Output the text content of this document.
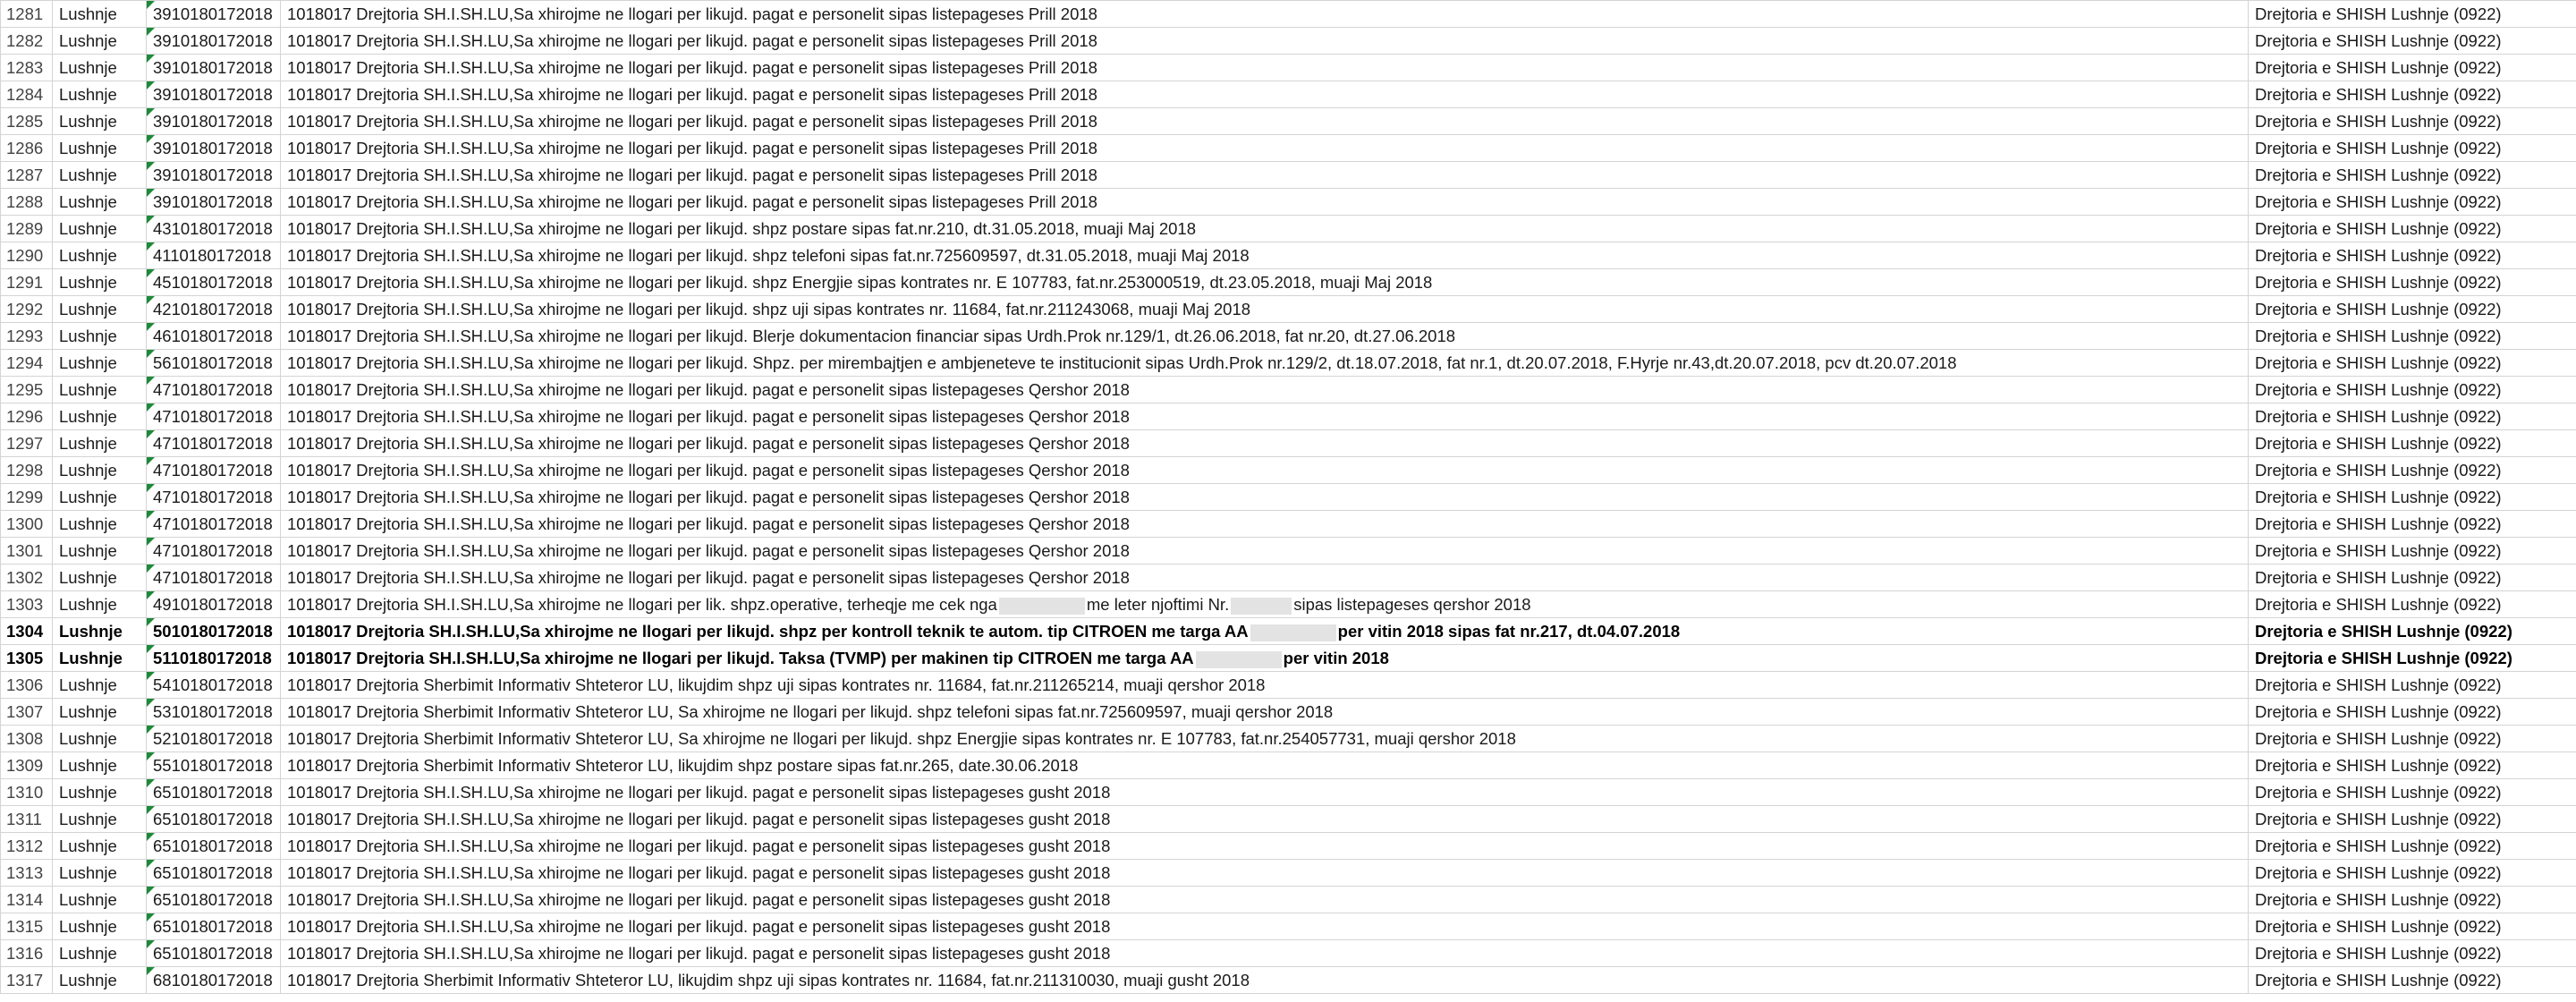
1281	Lushnje	3910180172018	1018017 Drejtoria SH.I.SH.LU,Sa xhirojme ne llogari per likujd. pagat e personelit sipas listepageses Prill 2018	Drejtoria e SHISH Lushnje (0922)
1282	Lushnje	3910180172018	1018017 Drejtoria SH.I.SH.LU,Sa xhirojme ne llogari per likujd. pagat e personelit sipas listepageses Prill 2018	Drejtoria e SHISH Lushnje (0922)
1283	Lushnje	3910180172018	1018017 Drejtoria SH.I.SH.LU,Sa xhirojme ne llogari per likujd. pagat e personelit sipas listepageses Prill 2018	Drejtoria e SHISH Lushnje (0922)
1284	Lushnje	3910180172018	1018017 Drejtoria SH.I.SH.LU,Sa xhirojme ne llogari per likujd. pagat e personelit sipas listepageses Prill 2018	Drejtoria e SHISH Lushnje (0922)
1285	Lushnje	3910180172018	1018017 Drejtoria SH.I.SH.LU,Sa xhirojme ne llogari per likujd. pagat e personelit sipas listepageses Prill 2018	Drejtoria e SHISH Lushnje (0922)
1286	Lushnje	3910180172018	1018017 Drejtoria SH.I.SH.LU,Sa xhirojme ne llogari per likujd. pagat e personelit sipas listepageses Prill 2018	Drejtoria e SHISH Lushnje (0922)
1287	Lushnje	3910180172018	1018017 Drejtoria SH.I.SH.LU,Sa xhirojme ne llogari per likujd. pagat e personelit sipas listepageses Prill 2018	Drejtoria e SHISH Lushnje (0922)
1288	Lushnje	3910180172018	1018017 Drejtoria SH.I.SH.LU,Sa xhirojme ne llogari per likujd. pagat e personelit sipas listepageses Prill 2018	Drejtoria e SHISH Lushnje (0922)
1289	Lushnje	4310180172018	1018017 Drejtoria SH.I.SH.LU,Sa xhirojme ne llogari per likujd. shpz postare sipas fat.nr.210, dt.31.05.2018, muaji Maj 2018	Drejtoria e SHISH Lushnje (0922)
1290	Lushnje	4110180172018	1018017 Drejtoria SH.I.SH.LU,Sa xhirojme ne llogari per likujd. shpz telefoni sipas fat.nr.725609597, dt.31.05.2018, muaji Maj 2018	Drejtoria e SHISH Lushnje (0922)
1291	Lushnje	4510180172018	1018017 Drejtoria SH.I.SH.LU,Sa xhirojme ne llogari per likujd. shpz Energjie sipas kontrates nr. E 107783, fat.nr.253000519, dt.23.05.2018, muaji Maj 2018	Drejtoria e SHISH Lushnje (0922)
1292	Lushnje	4210180172018	1018017 Drejtoria SH.I.SH.LU,Sa xhirojme ne llogari per likujd. shpz uji sipas kontrates nr. 11684, fat.nr.211243068, muaji Maj 2018	Drejtoria e SHISH Lushnje (0922)
1293	Lushnje	4610180172018	1018017 Drejtoria SH.I.SH.LU,Sa xhirojme ne llogari per likujd. Blerje dokumentacion financiar sipas Urdh.Prok nr.129/1, dt.26.06.2018, fat nr.20, dt.27.06.2018	Drejtoria e SHISH Lushnje (0922)
1294	Lushnje	5610180172018	1018017 Drejtoria SH.I.SH.LU,Sa xhirojme ne llogari per likujd. Shpz. per mirembajtjen e ambjeneteve te institucionit sipas Urdh.Prok nr.129/2, dt.18.07.2018, fat nr.1, dt.20.07.2018, F.Hyrje nr.43,dt.20.07.2018, pcv dt.20.07.2018	Drejtoria e SHISH Lushnje (0922)
1295	Lushnje	4710180172018	1018017 Drejtoria SH.I.SH.LU,Sa xhirojme ne llogari per likujd. pagat e personelit sipas listepageses Qershor 2018	Drejtoria e SHISH Lushnje (0922)
1296	Lushnje	4710180172018	1018017 Drejtoria SH.I.SH.LU,Sa xhirojme ne llogari per likujd. pagat e personelit sipas listepageses Qershor 2018	Drejtoria e SHISH Lushnje (0922)
1297	Lushnje	4710180172018	1018017 Drejtoria SH.I.SH.LU,Sa xhirojme ne llogari per likujd. pagat e personelit sipas listepageses Qershor 2018	Drejtoria e SHISH Lushnje (0922)
1298	Lushnje	4710180172018	1018017 Drejtoria SH.I.SH.LU,Sa xhirojme ne llogari per likujd. pagat e personelit sipas listepageses Qershor 2018	Drejtoria e SHISH Lushnje (0922)
1299	Lushnje	4710180172018	1018017 Drejtoria SH.I.SH.LU,Sa xhirojme ne llogari per likujd. pagat e personelit sipas listepageses Qershor 2018	Drejtoria e SHISH Lushnje (0922)
1300	Lushnje	4710180172018	1018017 Drejtoria SH.I.SH.LU,Sa xhirojme ne llogari per likujd. pagat e personelit sipas listepageses Qershor 2018	Drejtoria e SHISH Lushnje (0922)
1301	Lushnje	4710180172018	1018017 Drejtoria SH.I.SH.LU,Sa xhirojme ne llogari per likujd. pagat e personelit sipas listepageses Qershor 2018	Drejtoria e SHISH Lushnje (0922)
1302	Lushnje	4710180172018	1018017 Drejtoria SH.I.SH.LU,Sa xhirojme ne llogari per likujd. pagat e personelit sipas listepageses Qershor 2018	Drejtoria e SHISH Lushnje (0922)
1303	Lushnje	4910180172018	1018017 Drejtoria SH.I.SH.LU,Sa xhirojme ne llogari per lik. shpz.operative, terheqje me cek nga me leter njoftimi Nr. sipas listepageses qershor 2018	Drejtoria e SHISH Lushnje (0922)
1304	Lushnje	5010180172018	1018017 Drejtoria SH.I.SH.LU,Sa xhirojme ne llogari per likujd. shpz per kontroll teknik te autom. tip CITROEN me targa AA per vitin 2018 sipas fat nr.217, dt.04.07.2018	Drejtoria e SHISH Lushnje (0922)
1305	Lushnje	5110180172018	1018017 Drejtoria SH.I.SH.LU,Sa xhirojme ne llogari per likujd. Taksa (TVMP) per makinen tip CITROEN me targa AA per vitin 2018	Drejtoria e SHISH Lushnje (0922)
1306	Lushnje	5410180172018	1018017 Drejtoria Sherbimit Informativ Shteteror LU, likujdim shpz uji sipas kontrates nr. 11684, fat.nr.211265214, muaji qershor 2018	Drejtoria e SHISH Lushnje (0922)
1307	Lushnje	5310180172018	1018017 Drejtoria Sherbimit Informativ Shteteror LU, Sa xhirojme ne llogari per likujd. shpz telefoni sipas fat.nr.725609597, muaji qershor 2018	Drejtoria e SHISH Lushnje (0922)
1308	Lushnje	5210180172018	1018017 Drejtoria Sherbimit Informativ Shteteror LU, Sa xhirojme ne llogari per likujd. shpz Energjie sipas kontrates nr. E 107783, fat.nr.254057731, muaji qershor 2018	Drejtoria e SHISH Lushnje (0922)
1309	Lushnje	5510180172018	1018017 Drejtoria Sherbimit Informativ Shteteror LU, likujdim shpz postare sipas fat.nr.265, date.30.06.2018	Drejtoria e SHISH Lushnje (0922)
1310	Lushnje	6510180172018	1018017 Drejtoria SH.I.SH.LU,Sa xhirojme ne llogari per likujd. pagat e personelit sipas listepageses gusht 2018	Drejtoria e SHISH Lushnje (0922)
1311	Lushnje	6510180172018	1018017 Drejtoria SH.I.SH.LU,Sa xhirojme ne llogari per likujd. pagat e personelit sipas listepageses gusht 2018	Drejtoria e SHISH Lushnje (0922)
1312	Lushnje	6510180172018	1018017 Drejtoria SH.I.SH.LU,Sa xhirojme ne llogari per likujd. pagat e personelit sipas listepageses gusht 2018	Drejtoria e SHISH Lushnje (0922)
1313	Lushnje	6510180172018	1018017 Drejtoria SH.I.SH.LU,Sa xhirojme ne llogari per likujd. pagat e personelit sipas listepageses gusht 2018	Drejtoria e SHISH Lushnje (0922)
1314	Lushnje	6510180172018	1018017 Drejtoria SH.I.SH.LU,Sa xhirojme ne llogari per likujd. pagat e personelit sipas listepageses gusht 2018	Drejtoria e SHISH Lushnje (0922)
1315	Lushnje	6510180172018	1018017 Drejtoria SH.I.SH.LU,Sa xhirojme ne llogari per likujd. pagat e personelit sipas listepageses gusht 2018	Drejtoria e SHISH Lushnje (0922)
1316	Lushnje	6510180172018	1018017 Drejtoria SH.I.SH.LU,Sa xhirojme ne llogari per likujd. pagat e personelit sipas listepageses gusht 2018	Drejtoria e SHISH Lushnje (0922)
1317	Lushnje	6810180172018	1018017 Drejtoria Sherbimit Informativ Shteteror LU, likujdim shpz uji sipas kontrates nr. 11684, fat.nr.211310030, muaji gusht 2018	Drejtoria e SHISH Lushnje (0922)
